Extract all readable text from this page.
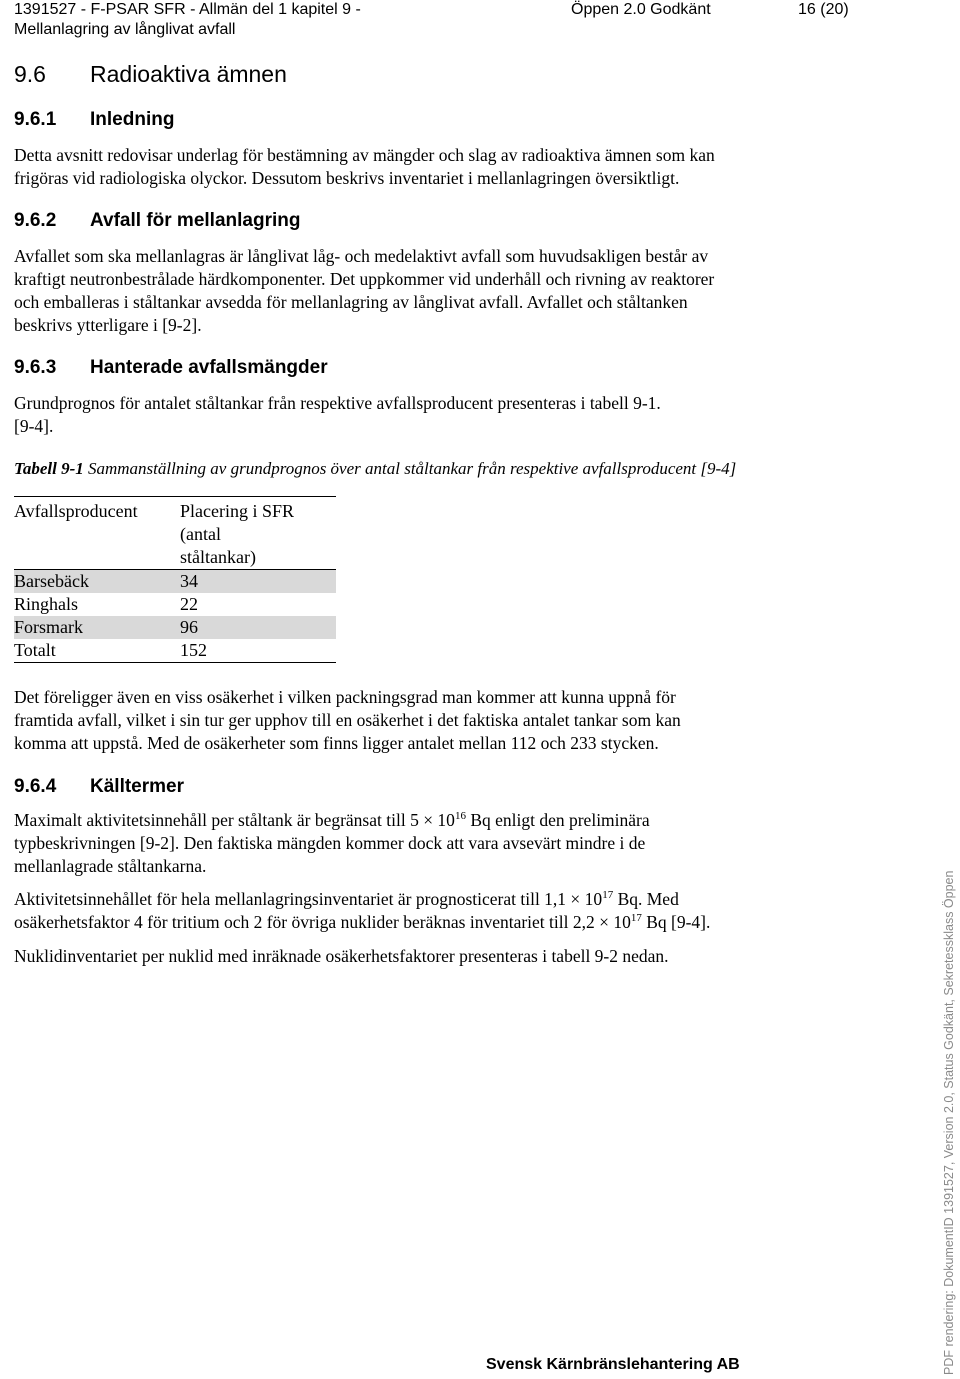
1391527 - F-PSAR SFR - Allmän del 1 kapitel 9 -
Mellanlagring av långlivat avfall
Öppen 2.0 Godkänt	16 (20)
9.6 Radioaktiva ämnen
9.6.1 Inledning
Detta avsnitt redovisar underlag för bestämning av mängder och slag av radioaktiva ämnen som kan
frigöras vid radiologiska olyckor. Dessutom beskrivs inventariet i mellanlagringen översiktligt.
9.6.2 Avfall för mellanlagring
Avfallet som ska mellanlagras är långlivat låg- och medelaktivt avfall som huvudsakligen består av
kraftigt neutronbestrålade härdkomponenter. Det uppkommer vid underhåll och rivning av reaktorer
och emballeras i ståltankar avsedda för mellanlagring av långlivat avfall. Avfallet och ståltanken
beskrivs ytterligare i [9-2].
9.6.3 Hanterade avfallsmängder
Grundprognos för antalet ståltankar från respektive avfallsproducent presenteras i tabell 9-1.
[9-4].
Tabell 9-1 Sammanställning av grundprognos över antal ståltankar från respektive avfallsproducent [9-4]
Avfallsproducent	Placering i SFR
(antal
ståltankar)

Barsebäck	34
Ringhals	22
Forsmark	96
Totalt	152
Det föreligger även en viss osäkerhet i vilken packningsgrad man kommer att kunna uppnå för
framtida avfall, vilket i sin tur ger upphov till en osäkerhet i det faktiska antalet tankar som kan
komma att uppstå. Med de osäkerheter som finns ligger antalet mellan 112 och 233 stycken.
9.6.4 Källtermer
Maximalt aktivitetsinnehåll per ståltank är begränsat till $5 \times 10^{16}$ Bq enligt den preliminära
typbeskrivningen [9-2]. Den faktiska mängden kommer dock att vara avsevärt mindre i de
mellanlagrade ståltankarna.
Aktivitetsinnehållet för hela mellanlagringsinventariet är prognosticerat till $1,1 \times 10^{17}$ Bq. Med
osäkerhetsfaktor 4 för tritium och 2 för övriga nuklider beräknas inventariet till $2,2 \times 10^{17}$ Bq [9-4].
Nuklidinventariet per nuklid med inräknade osäkerhetsfaktorer presenteras i tabell 9-2 nedan.
Svensk Kärnbränslehantering AB	PDF rendering: DokumentID 1391527, Version 2.0, Status Godkänt, Sekretessklass Öppen
